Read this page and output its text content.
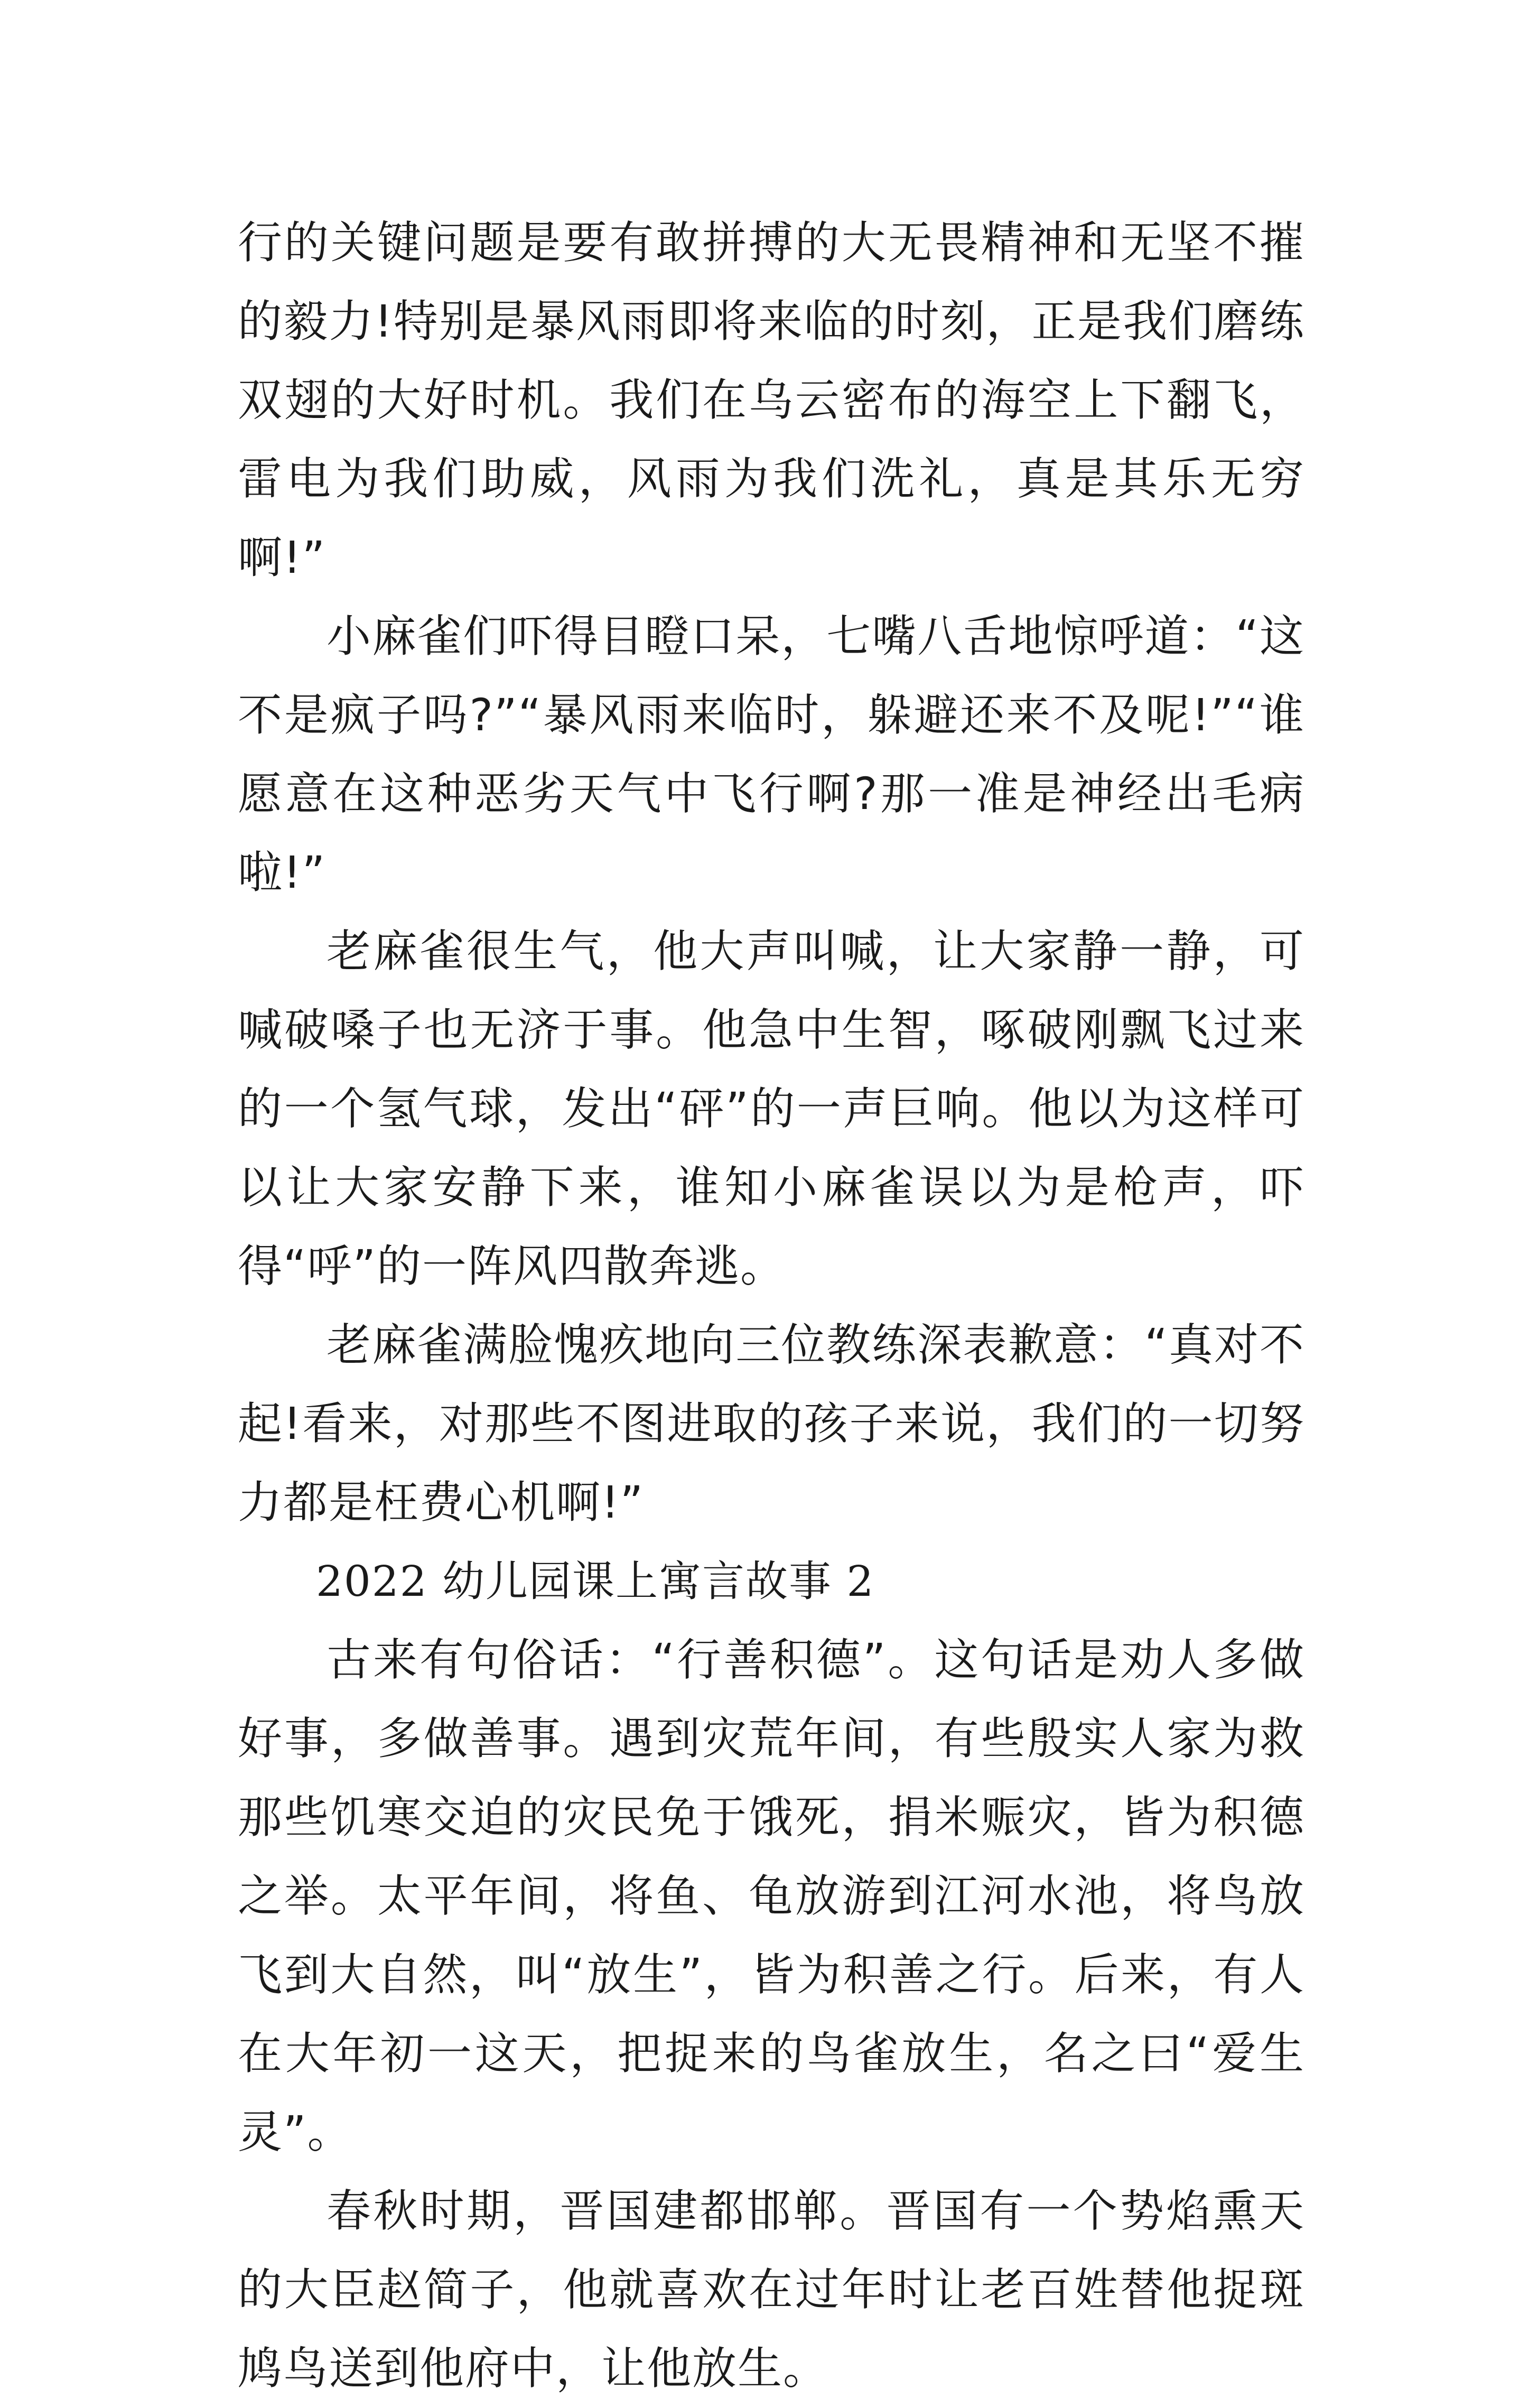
行的关键问题是要有敢拼搏的大无畏精神和无坚不摧的毅力!特别是暴风雨即将来临的时刻，正是我们磨练双翅的大好时机。我们在乌云密布的海空上下翻飞，雷电为我们助威，风雨为我们洗礼，真是其乐无穷啊!”

小麻雀们吓得目瞪口呆，七嘴八舌地惊呼道：“这不是疯子吗?”“暴风雨来临时，躲避还来不及呢!”“谁愿意在这种恶劣天气中飞行啊?那一准是神经出毛病啦!”

老麻雀很生气，他大声叫喊，让大家静一静，可喊破嗓子也无济于事。他急中生智，啄破刚飘飞过来的一个氢气球，发出“砰”的一声巨响。他以为这样可以让大家安静下来，谁知小麻雀误以为是枪声，吓得“呼”的一阵风四散奔逃。

老麻雀满脸愧疚地向三位教练深表歉意：“真对不起!看来，对那些不图进取的孩子来说，我们的一切努力都是枉费心机啊!”

2022 幼儿园课上寓言故事 2

古来有句俗话：“行善积德”。这句话是劝人多做好事，多做善事。遇到灾荒年间，有些殷实人家为救那些饥寒交迫的灾民免于饿死，捐米赈灾，皆为积德之举。太平年间，将鱼、龟放游到江河水池，将鸟放飞到大自然，叫“放生”，皆为积善之行。后来，有人在大年初一这天，把捉来的鸟雀放生，名之曰“爱生灵”。

春秋时期，晋国建都邯郸。晋国有一个势焰熏天的大臣赵简子，他就喜欢在过年时让老百姓替他捉斑鸠鸟送到他府中，让他放生。
